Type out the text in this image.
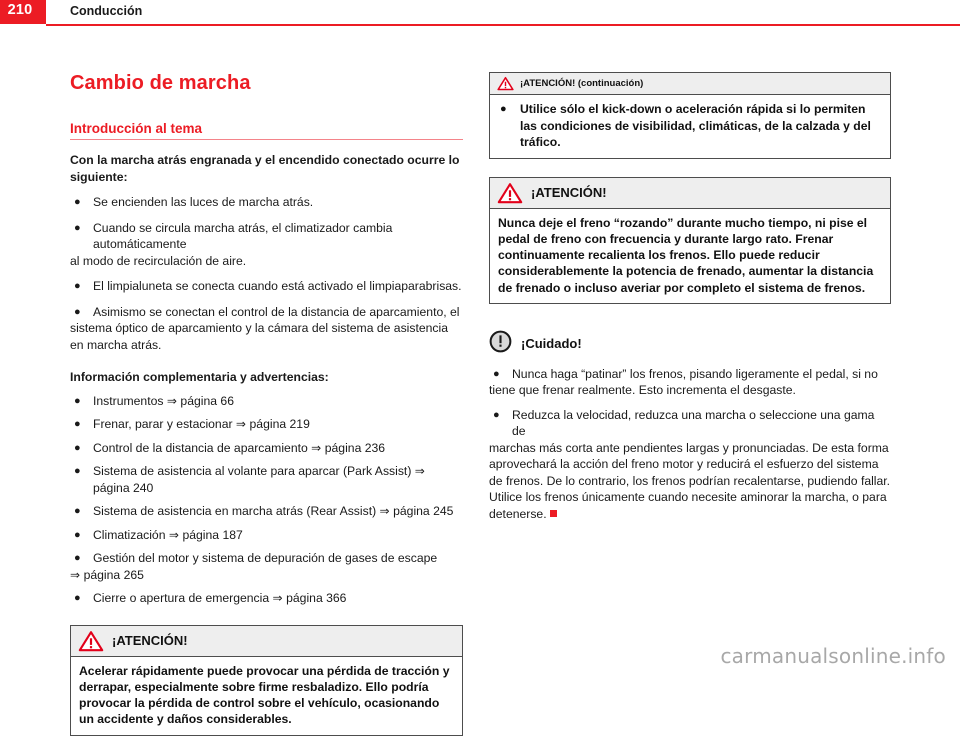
210	Conducción
Cambio de marcha
Introducción al tema

Con la marcha atrás engranada y el encendido conectado ocurre lo siguiente:

● Se encienden las luces de marcha atrás.
● Cuando se circula marcha atrás, el climatizador cambia automáticamente
al modo de recirculación de aire.
● El limpialuneta se conecta cuando está activado el limpiaparabrisas.
● Asimismo se conectan el control de la distancia de aparcamiento, el
sistema óptico de aparcamiento y la cámara del sistema de asistencia en marcha atrás.

Información complementaria y advertencias:

● Instrumentos ⇒ página 66
● Frenar, parar y estacionar ⇒ página 219
● Control de la distancia de aparcamiento ⇒ página 236
● Sistema de asistencia al volante para aparcar (Park Assist) ⇒ página 240
● Sistema de asistencia en marcha atrás (Rear Assist) ⇒ página 245
● Climatización ⇒ página 187
● Gestión del motor y sistema de depuración de gases de escape
⇒ página 265
● Cierre o apertura de emergencia ⇒ página 366
¡ATENCIÓN!
Acelerar rápidamente puede provocar una pérdida de tracción y derrapar, especialmente sobre firme resbaladizo. Ello podría provocar la pérdida de control sobre el vehículo, ocasionando un accidente y daños considerables.
¡ATENCIÓN! (continuación)
● Utilice sólo el kick-down o aceleración rápida si lo permiten las condiciones de visibilidad, climáticas, de la calzada y del tráfico.
¡ATENCIÓN!
Nunca deje el freno “rozando” durante mucho tiempo, ni pise el pedal de freno con frecuencia y durante largo rato. Frenar continuamente recalienta los frenos. Ello puede reducir considerablemente la potencia de frenado, aumentar la distancia de frenado o incluso averiar por completo el sistema de frenos.
¡Cuidado!
● Nunca haga “patinar” los frenos, pisando ligeramente el pedal, si no
tiene que frenar realmente. Esto incrementa el desgaste.
● Reduzca la velocidad, reduzca una marcha o seleccione una gama de
marchas más corta ante pendientes largas y pronunciadas. De esta forma aprovechará la acción del freno motor y reducirá el esfuerzo del sistema de frenos. De lo contrario, los frenos podrían recalentarse, pudiendo fallar. Utilice los frenos únicamente cuando necesite aminorar la marcha, o para detenerse.
carmanualsonline.info
